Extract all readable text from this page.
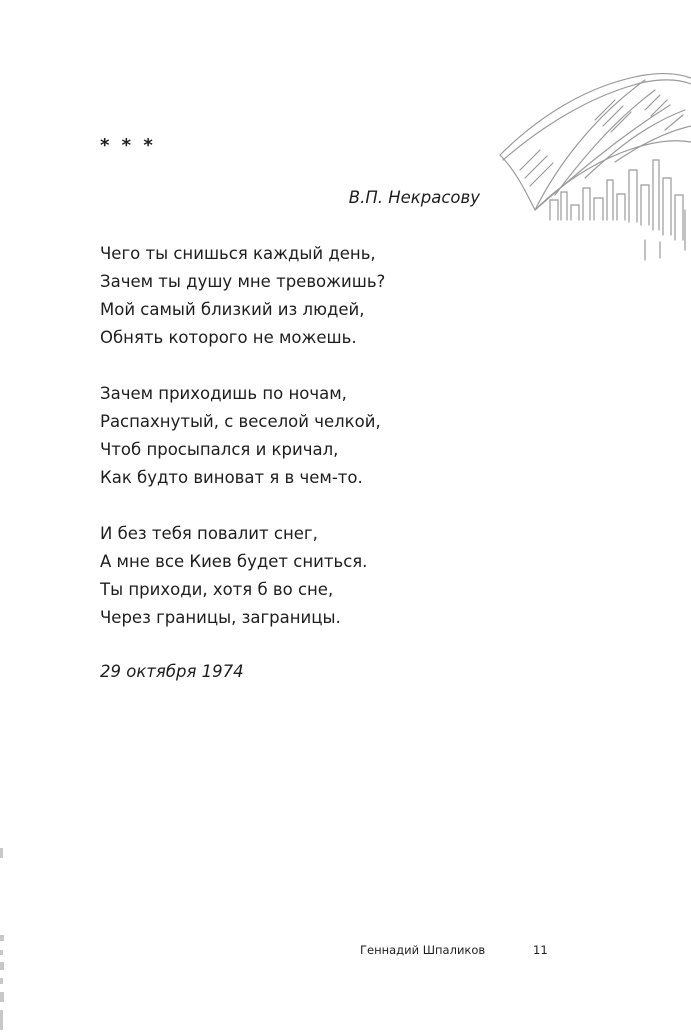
* * *

В.П. Некрасову

Чего ты снишься каждый день,
Зачем ты душу мне тревожишь?
Мой самый близкий из людей,
Обнять которого не можешь.
Зачем приходишь по ночам,
Распахнутый, с веселой челкой,
Чтоб просыпался и кричал,
Как будто виноват я в чем-то.
И без тебя повалит снег,
А мне все Киев будет сниться.
Ты приходи, хотя б во сне,
Через границы, заграницы.

29 октября 1974

Геннадий Шпаликов	11
